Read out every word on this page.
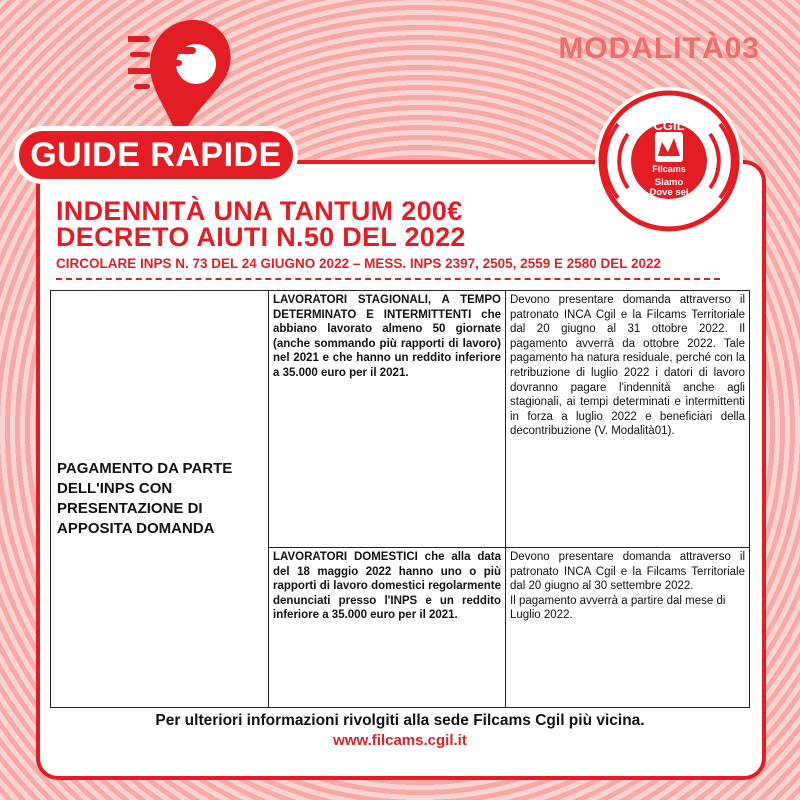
GUIDE RAPIDE
MODALITÀ03
CGIL
Filcams
Siamo
Dove sei
INDENNITÀ UNA TANTUM 200€
DECRETO AIUTI N.50 DEL 2022
CIRCOLARE INPS N. 73 DEL 24 GIUGNO 2022 – MESS. INPS 2397, 2505, 2559 E 2580 DEL 2022
PAGAMENTO DA PARTE DELL'INPS CON PRESENTAZIONE DI APPOSITA DOMANDA
LAVORATORI STAGIONALI, A TEMPO DETERMINATO E INTERMITTENTI che abbiano lavorato almeno 50 giornate (anche sommando più rapporti di lavoro) nel 2021 e che hanno un reddito inferiore a 35.000 euro per il 2021.
Devono presentare domanda attraverso il patronato INCA Cgil e la Filcams Territoriale dal 20 giugno al 31 ottobre 2022. Il pagamento avverrà da ottobre 2022. Tale pagamento ha natura residuale, perché con la retribuzione di luglio 2022 i datori di lavoro dovranno pagare l'indennità anche agli stagionali, ai tempi determinati e intermittenti in forza a luglio 2022 e beneficiari della decontribuzione (V. Modalità01).
LAVORATORI DOMESTICI che alla data del 18 maggio 2022 hanno uno o più rapporti di lavoro domestici regolarmente denunciati presso l'INPS e un reddito inferiore a 35.000 euro per il 2021.
Devono presentare domanda attraverso il patronato INCA Cgil e la Filcams Territoriale dal 20 giugno al 30 settembre 2022.
Il pagamento avverrà a partire dal mese di Luglio 2022.
Per ulteriori informazioni rivolgiti alla sede Filcams Cgil più vicina.
www.filcams.cgil.it
